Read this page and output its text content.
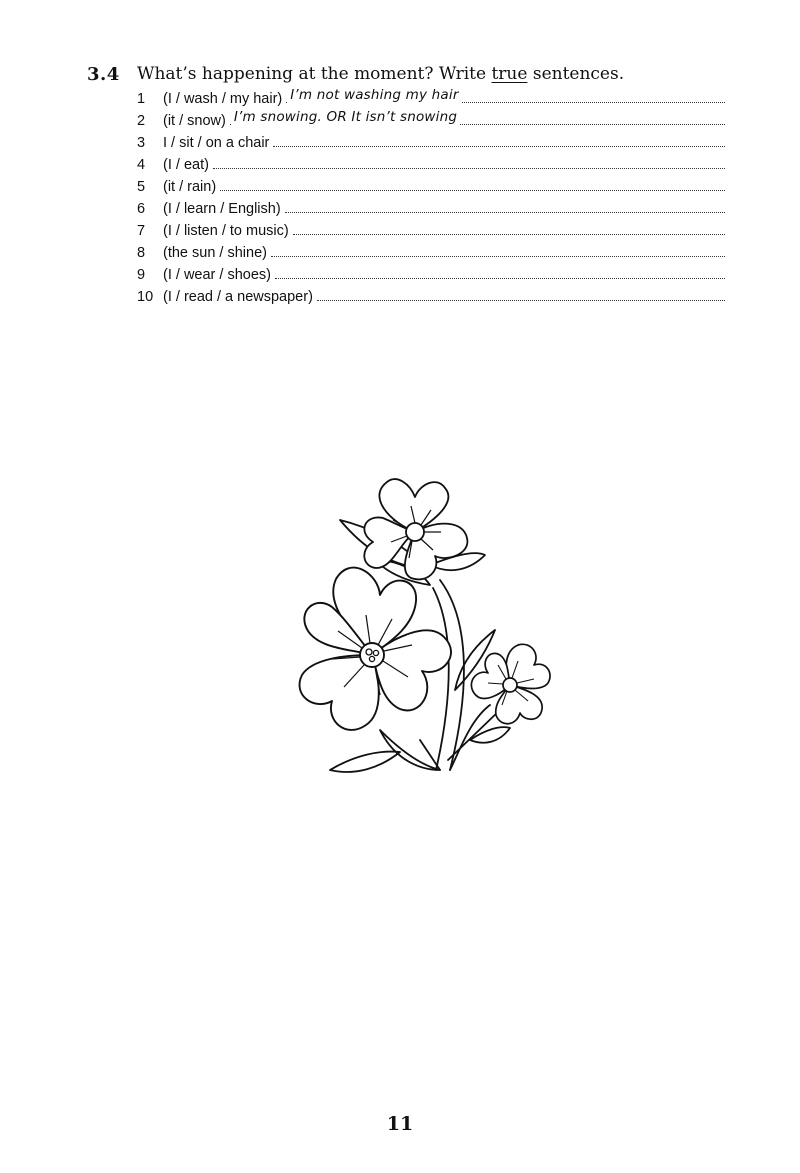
3.4 What’s happening at the moment? Write true sentences.
1	(I / wash / my hair) I’m not washing my hair
2	(it / snow) I’m snowing. OR It isn’t snowing
3	I / sit / on a chair
4	(I / eat)
5	(it / rain)
6	(I / learn / English)
7	(I / listen / to music)
8	(the sun / shine)
9	(I / wear / shoes)
10 (I / read / a newspaper)
11
